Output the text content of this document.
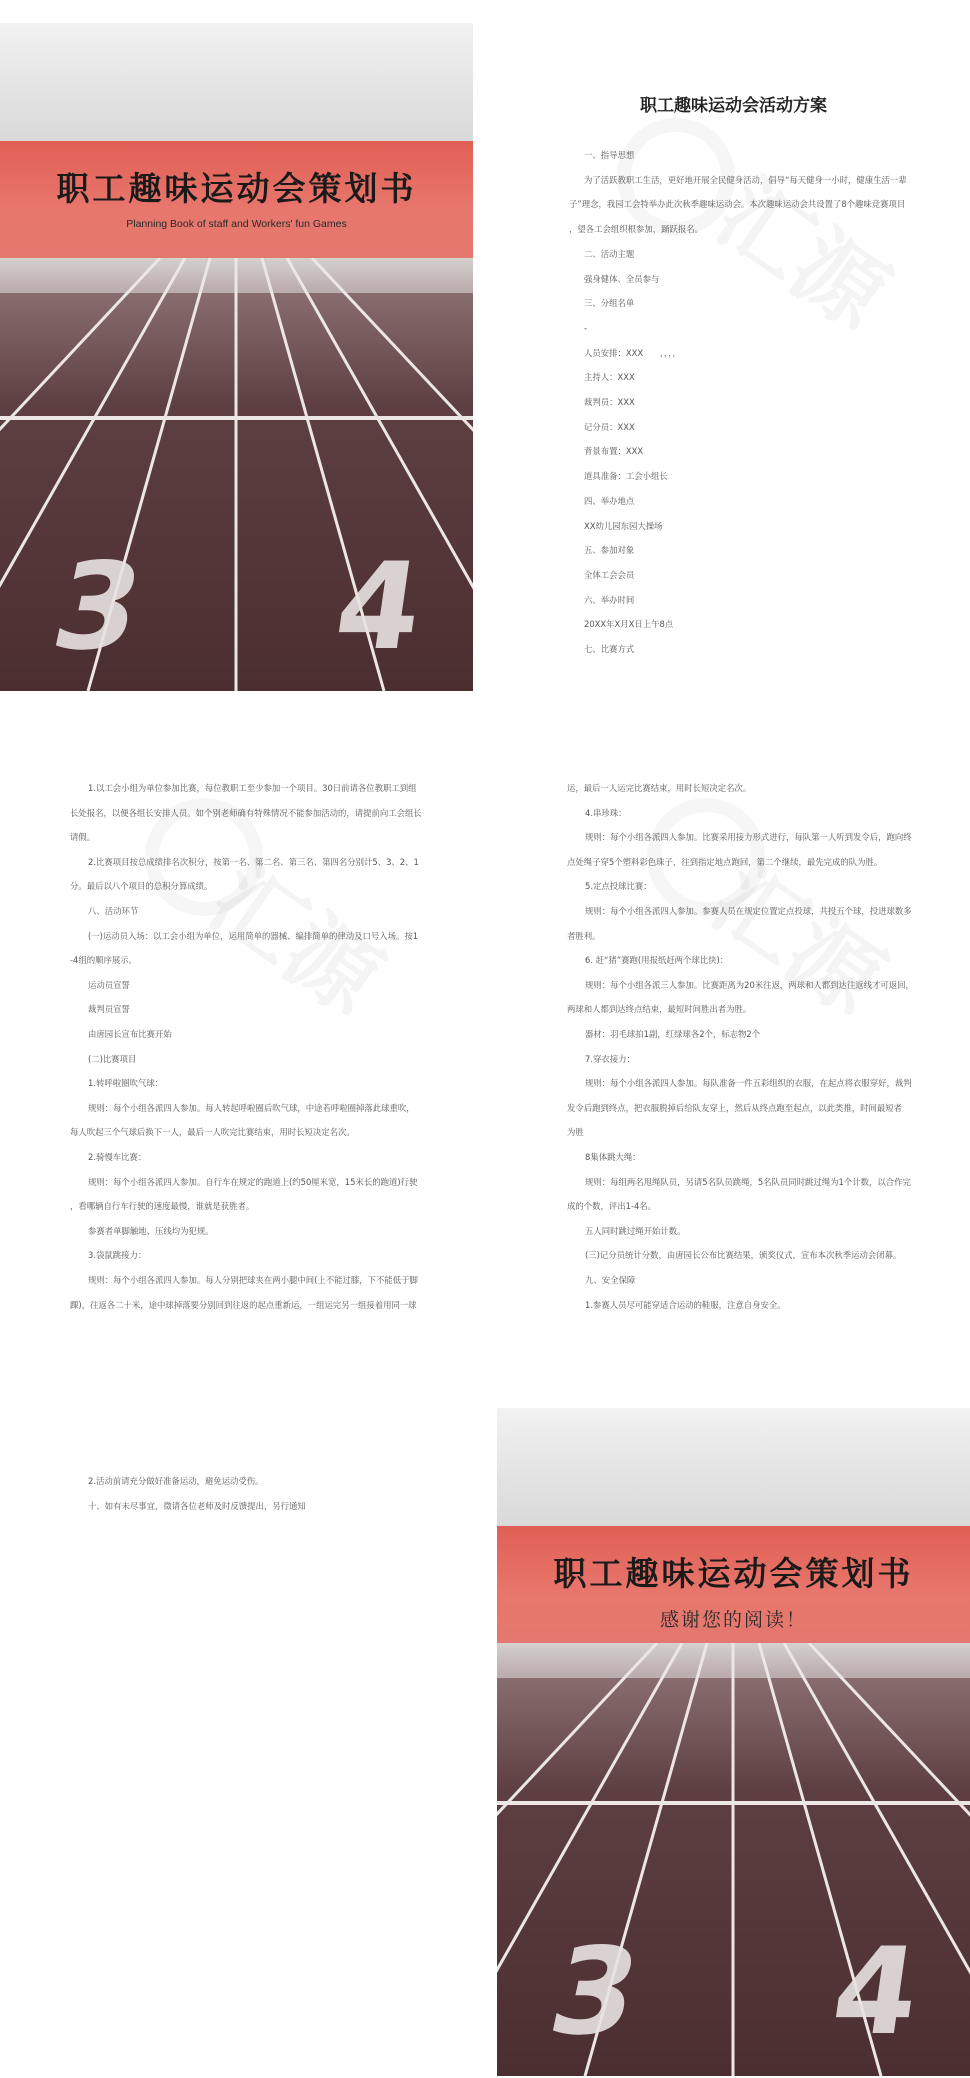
3 4
职工趣味运动会策划书
Planning Book of staff and Workers' fun Games
职工趣味运动会活动方案
一、指导思想
为了活跃教职工生活，更好地开展全民健身活动，倡导“每天健身一小时，健康生活一辈
子”理念，我园工会特举办此次秋季趣味运动会。本次趣味运动会共设置了8个趣味竞赛项目
，望各工会组织根参加，踊跃报名。
二、活动主题
强身健体、全员参与
三、分组名单
-
人员安排：XXX　　，，，，
主持人：XXX
裁判员：XXX
记分员：XXX
背景布置：XXX
道具准备：工会小组长
四、举办地点
XX幼儿园东园大操场
五、参加对象
全体工会会员
六、举办时间
20XX年X月X日上午8点
七、比赛方式
1.以工会小组为单位参加比赛，每位教职工至少参加一个项目。30日前请各位教职工到组
长处报名，以便各组长安排人员。如个别老师确有特殊情况不能参加活动的，请提前向工会组长
请假。
2.比赛项目按总成绩排名次积分，按第一名、第二名、第三名、第四名分别计5、3、2、1
分。最后以八个项目的总积分算成绩。
八、活动环节
(一)运动员入场：以工会小组为单位，运用简单的器械、编排简单的律动及口号入场。按1
-4组的顺序展示。
运动员宣誓
裁判员宣誓
由唐园长宣布比赛开始
(二)比赛项目
1.转呼啦圈吹气球：
规则：每个小组各派四人参加。每人转起呼啦圈后吹气球，中途若呼啦圈掉落此球重吹，
每人吹起三个气球后换下一人，最后一人吹完比赛结束，用时长短决定名次。
2.骑慢车比赛：
规则：每个小组各派四人参加。自行车在规定的跑道上(约50厘米宽，15米长的跑道)行驶
，看哪辆自行车行驶的速度最慢，谁就是获胜者。
参赛者单脚触地、压线均为犯规。
3.袋鼠跳接力：
规则：每个小组各派四人参加。每人分别把球夹在两小腿中间(上不能过膝，下不能低于脚
踝)，往返各二十米，途中球掉落要分别回到往返的起点重新运，一组运完另一组接着用同一球
运，最后一人运完比赛结束，用时长短决定名次。
4.串珍珠：
规则：每个小组各派四人参加。比赛采用接力形式进行，每队第一人听到发令后，跑向终
点处绳子穿5个塑料彩色珠子，往到指定地点跑回，第二个继续，最先完成的队为胜。
5.定点投球比赛：
规则：每个小组各派四人参加。参赛人员在规定位置定点投球，共投五个球，投进球数多
者胜利。
6. 赶“猪”赛跑(用报纸赶两个球比快)：
规则：每个小组各派三人参加。比赛距离为20米往返，两球和人都到达往返线才可返回，
两球和人都到达终点结束，最短时间胜出者为胜。
器材：羽毛球拍1副，红绿球各2个，标志物2个
7.穿衣接力：
规则：每个小组各派四人参加。每队准备一件五彩组织的衣服，在起点将衣服穿好，裁判
发令后跑到终点，把衣服脱掉后给队友穿上，然后从终点跑至起点，以此类推，时间最短者
为胜
8集体跳大绳：
规则：每组两名甩绳队员，另请5名队员跳绳，5名队员同时跳过绳为1个计数，以合作完
成的个数，评出1-4名。
五人同时跳过绳开始计数。
(三)记分员统计分数，由唐园长公布比赛结果，颁奖仪式，宣布本次秋季运动会闭幕。
九、安全保障
1.参赛人员尽可能穿适合运动的鞋服，注意自身安全。
2.活动前请充分做好准备运动，避免运动受伤。
十、如有未尽事宜，徵请各位老师及时反馈提出，另行通知
3 4
职工趣味运动会策划书
感谢您的阅读！
